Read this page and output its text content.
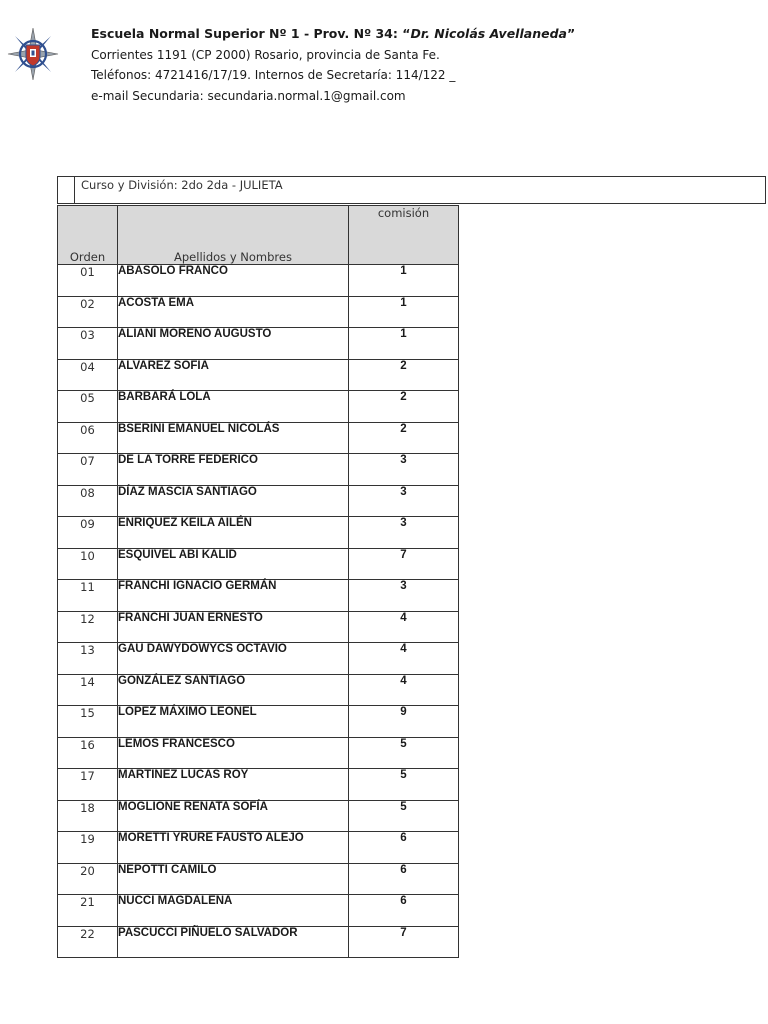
Escuela Normal Superior Nº 1 - Prov. Nº 34: “Dr. Nicolás Avellaneda”
Corrientes 1191 (CP 2000) Rosario, provincia de Santa Fe.
Teléfonos: 4721416/17/19. Internos de Secretaría: 114/122 _
e-mail Secundaria: secundaria.normal.1@gmail.com
Curso y División: 2do 2da - JULIETA
Orden	Apellidos y Nombres	comisión
01	ABASOLO FRANCO	1
02	ACOSTA EMA	1
03	ALIANI MORENO AUGUSTO	1
04	ALVAREZ SOFIA	2
05	BARBARÁ LOLA	2
06	BSERINI EMANUEL NICOLÁS	2
07	DE LA TORRE FEDERICO	3
08	DÍAZ MASCIA SANTIAGO	3
09	ENRIQUEZ KEILA AILÉN	3
10	ESQUIVEL ABI KALID	7
11	FRANCHI IGNACIO GERMÁN	3
12	FRANCHI JUAN ERNESTO	4
13	GAU DAWYDOWYCS OCTAVIO	4
14	GONZÁLEZ SANTIAGO	4
15	LOPEZ MÁXIMO LEONEL	9
16	LEMOS FRANCESCO	5
17	MARTINEZ LUCAS ROY	5
18	MOGLIONE RENATA SOFÍA	5
19	MORETTI YRURE FAUSTO ALEJO	6
20	NEPOTTI CAMILO	6
21	NUCCI MAGDALENA	6
22	PASCUCCI PIÑUELO SALVADOR	7
